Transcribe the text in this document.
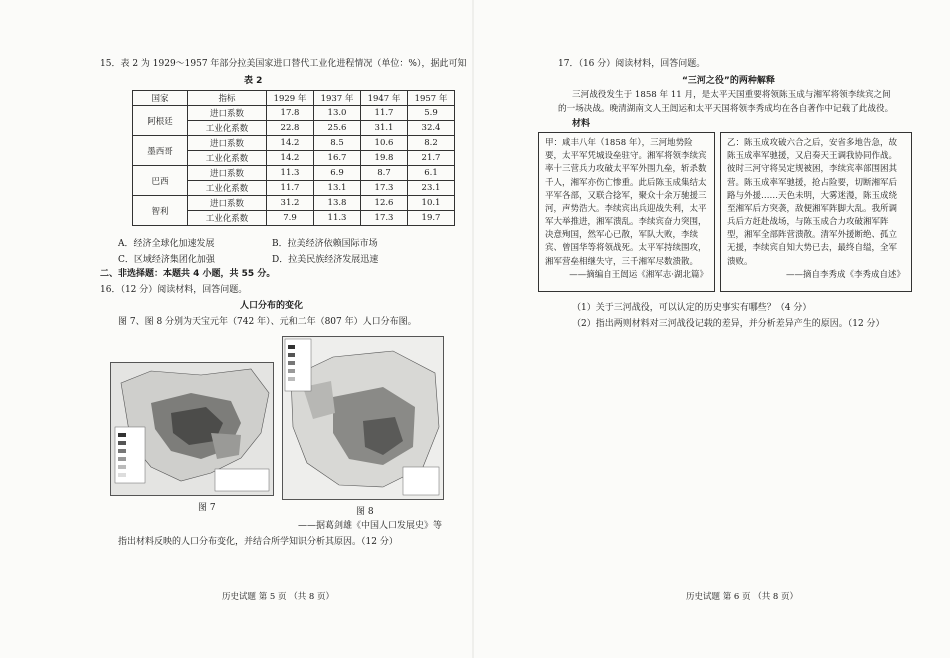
15．表 2 为 1929～1957 年部分拉美国家进口替代工业化进程情况（单位：%），据此可知
表 2
国家	指标	1929 年	1937 年	1947 年	1957 年
阿根廷	进口系数	17.8	13.0	11.7	5.9
	工业化系数	22.8	25.6	31.1	32.4
墨西哥	进口系数	14.2	8.5	10.6	8.2
	工业化系数	14.2	16.7	19.8	21.7
巴西	进口系数	11.3	6.9	8.7	6.1
	工业化系数	11.7	13.1	17.3	23.1
智利	进口系数	31.2	13.8	12.6	10.1
	工业化系数	7.9	11.3	17.3	19.7
A．经济全球化加速发展	B．拉美经济依赖国际市场
C．区域经济集团化加强	D．拉美民族经济发展迅速
二、非选择题：本题共 4 小题，共 55 分。
16．（12 分）阅读材料，回答问题。
人口分布的变化
图 7、图 8 分别为天宝元年（742 年）、元和二年（807 年）人口分布图。
图 7	图 8
——据葛剑雄《中国人口发展史》等
指出材料反映的人口分布变化，并结合所学知识分析其原因。（12 分）
历史试题 第 5 页 （共 8 页）
17．（16 分）阅读材料，回答问题。
“三河之役”的两种解释
三河战役发生于 1858 年 11 月，是太平天国重要将领陈玉成与湘军将领李续宾之间
的一场决战。晚清湖南文人王闿运和太平天国将领李秀成均在各自著作中记载了此战役。
材料
甲：咸丰八年（1858 年），三河地势险要，太平军凭城设垒驻守。湘军将领李续宾率十三营兵力攻破太平军外围九垒，斩杀数千人，湘军亦伤亡惨重。此后陈玉成集结太平军各部，又联合捻军，聚众十余万驰援三河，声势浩大。李续宾出兵迎战失利，太平军大举推进，湘军溃乱。李续宾奋力突围，决意殉国，然军心已散，军队大败，李续宾、曾国华等将领战死。太平军持续围攻，湘军营垒相继失守，三千湘军尽数溃散。
——摘编自王闿运《湘军志·湖北篇》
乙：陈玉成攻破六合之后，安省多地告急，故陈玉成率军驰援，又启奏天王调我协同作战。彼时三河守将吴定规被困，李续宾率部围困其营。陈玉成率军驰援，抢占险要，切断湘军后路与外援……天色未明，大雾迷漫，陈玉成绕至湘军后方突袭，敌便湘军阵脚大乱。我所调兵后方赶赴战场，与陈玉成合力攻破湘军阵型，湘军全部阵营溃散。清军外援断绝、孤立无援，李续宾自知大势已去，最终自缢，全军溃败。
——摘自李秀成《李秀成自述》
（1）关于三河战役，可以认定的历史事实有哪些？（4 分）
（2）指出两则材料对三河战役记载的差异，并分析差异产生的原因。（12 分）
历史试题 第 6 页 （共 8 页）
